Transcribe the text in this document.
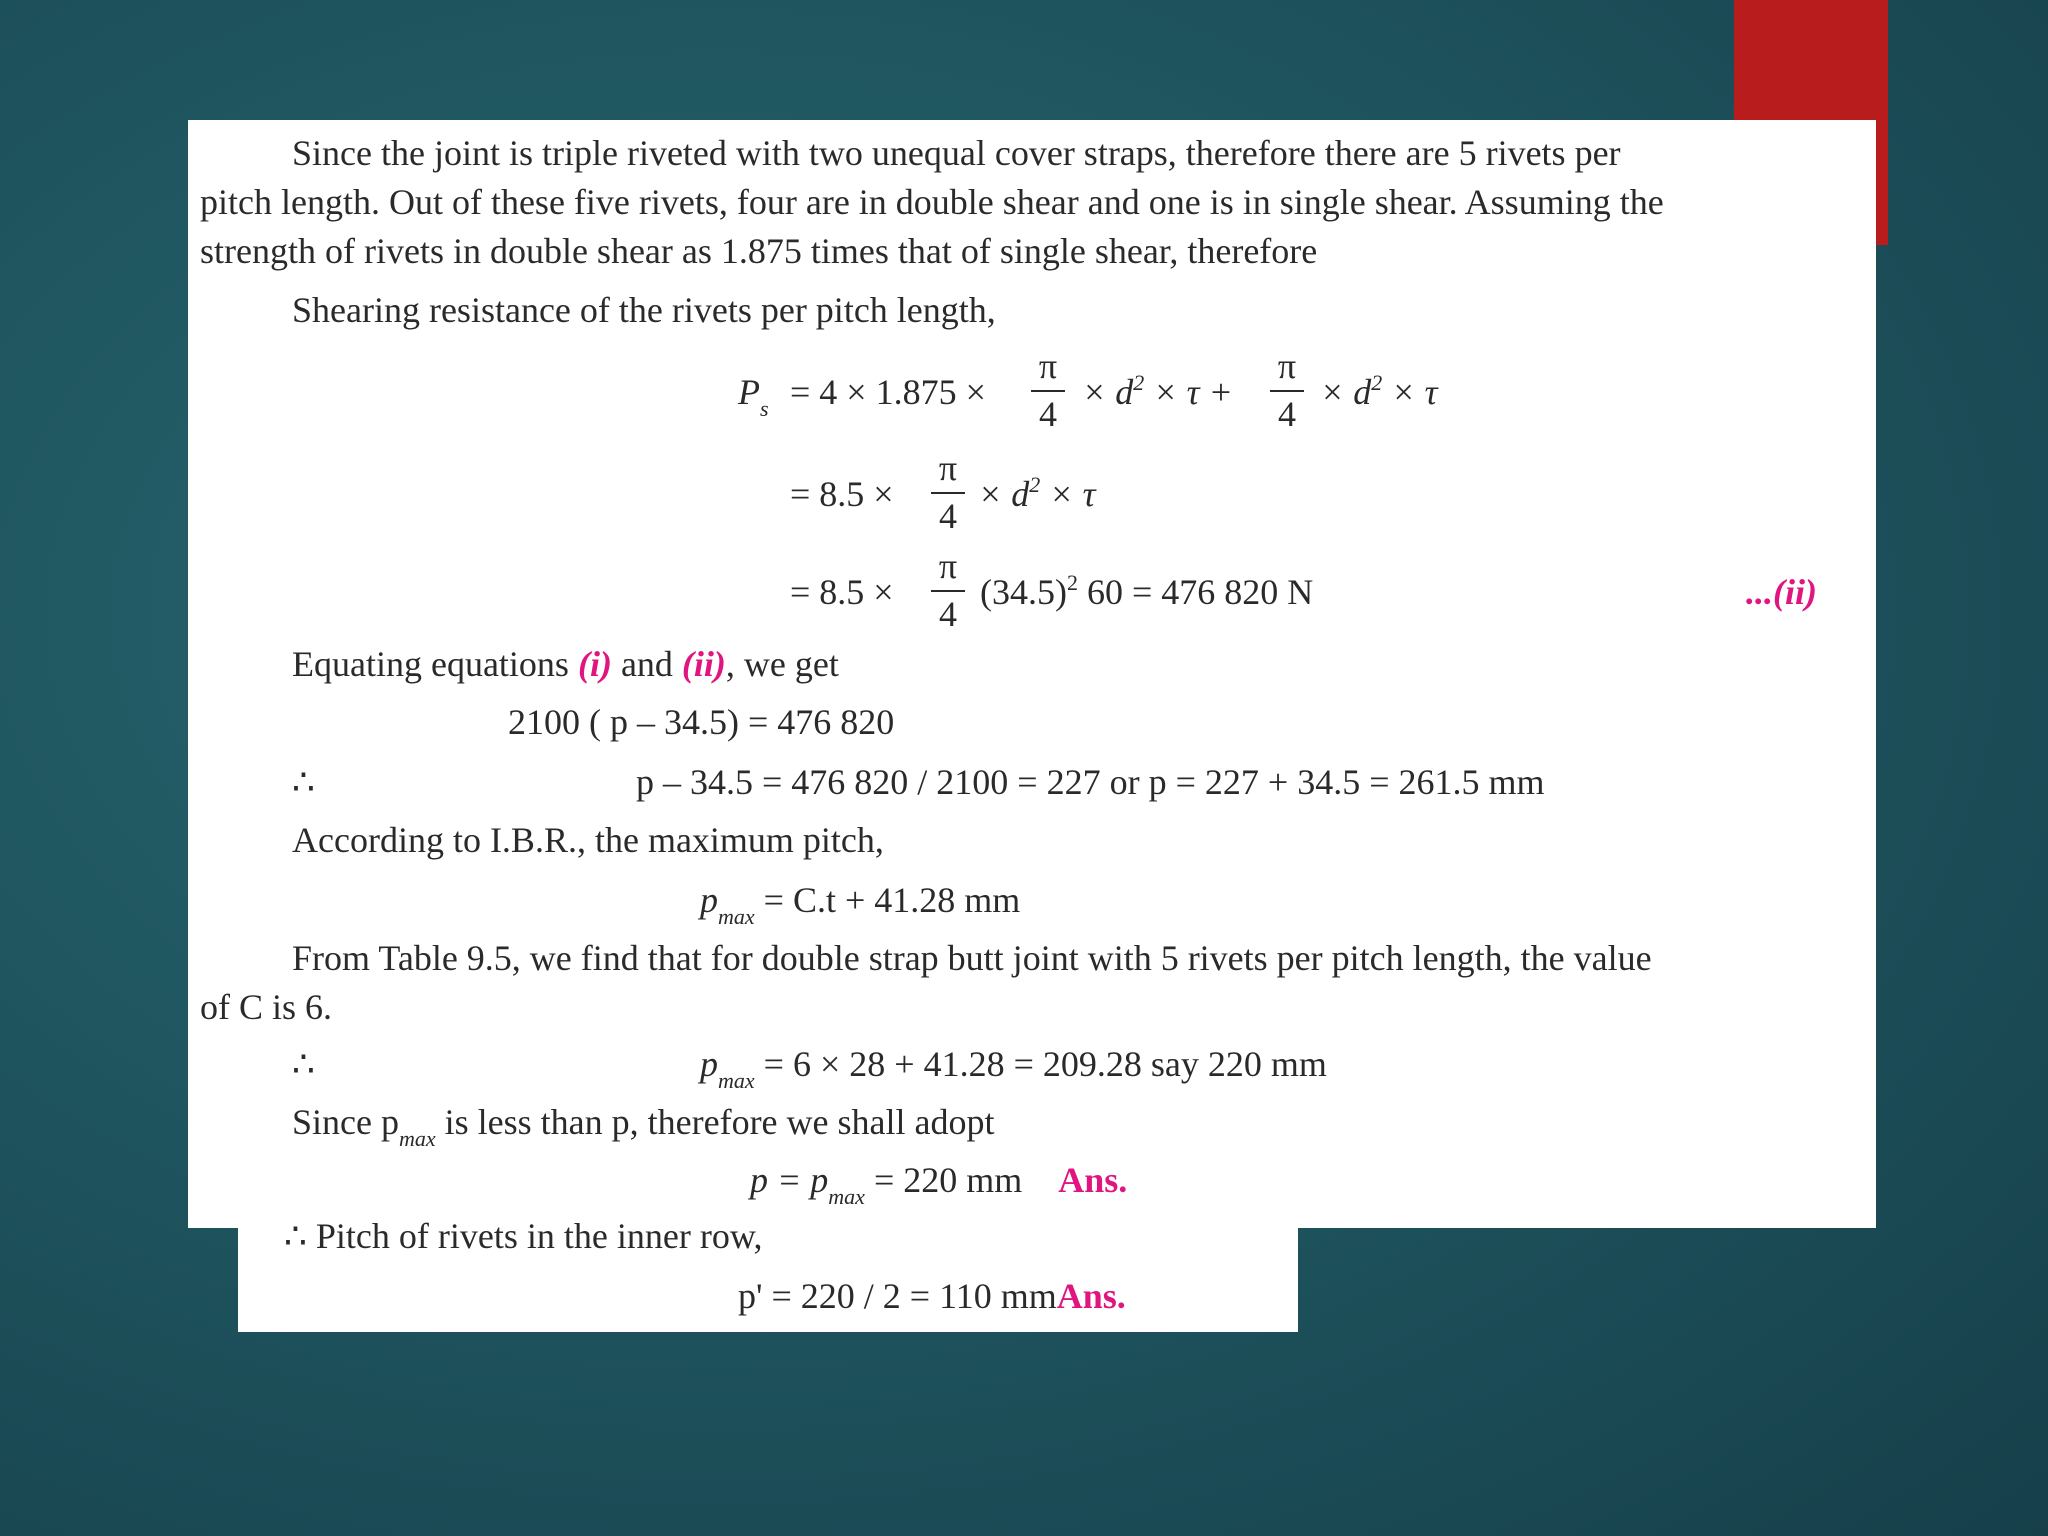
Since the joint is triple riveted with two unequal cover straps, therefore there are 5 rivets per
pitch length. Out of these five rivets, four are in double shear and one is in single shear. Assuming the
strength of rivets in double shear as 1.875 times that of single shear, therefore
Shearing resistance of the rivets per pitch length,
$P_s = 4 \times 1.875$ ×
π
4
× $d^2 \times \tau$ +
π
4
× $d^2 \times \tau$
= 8.5 ×
π
4
× $d^2 \times \tau$
= 8.5 ×
π
4
$(34.5)^2$ 60 = 476 820 N	...(ii)
Equating equations (i) and (ii), we get
2100 ( p – 34.5) = 476 820
∴	p – 34.5 = 476 820 / 2100 = 227 or p = 227 + 34.5 = 261.5 mm
According to I.B.R., the maximum pitch,
$p_{max} = C.t + 41.28$ mm
From Table 9.5, we find that for double strap butt joint with 5 rivets per pitch length, the value
of C is 6.
∴	$p_{max} = 6 \times 28 + 41.28 = 209.28$ say 220 mm
Since $p_{max}$ is less than p, therefore we shall adopt
$p = p_{max} = 220$ mm Ans.
∴ Pitch of rivets in the inner row,
p' = 220 / 2 = 110 mmAns.
